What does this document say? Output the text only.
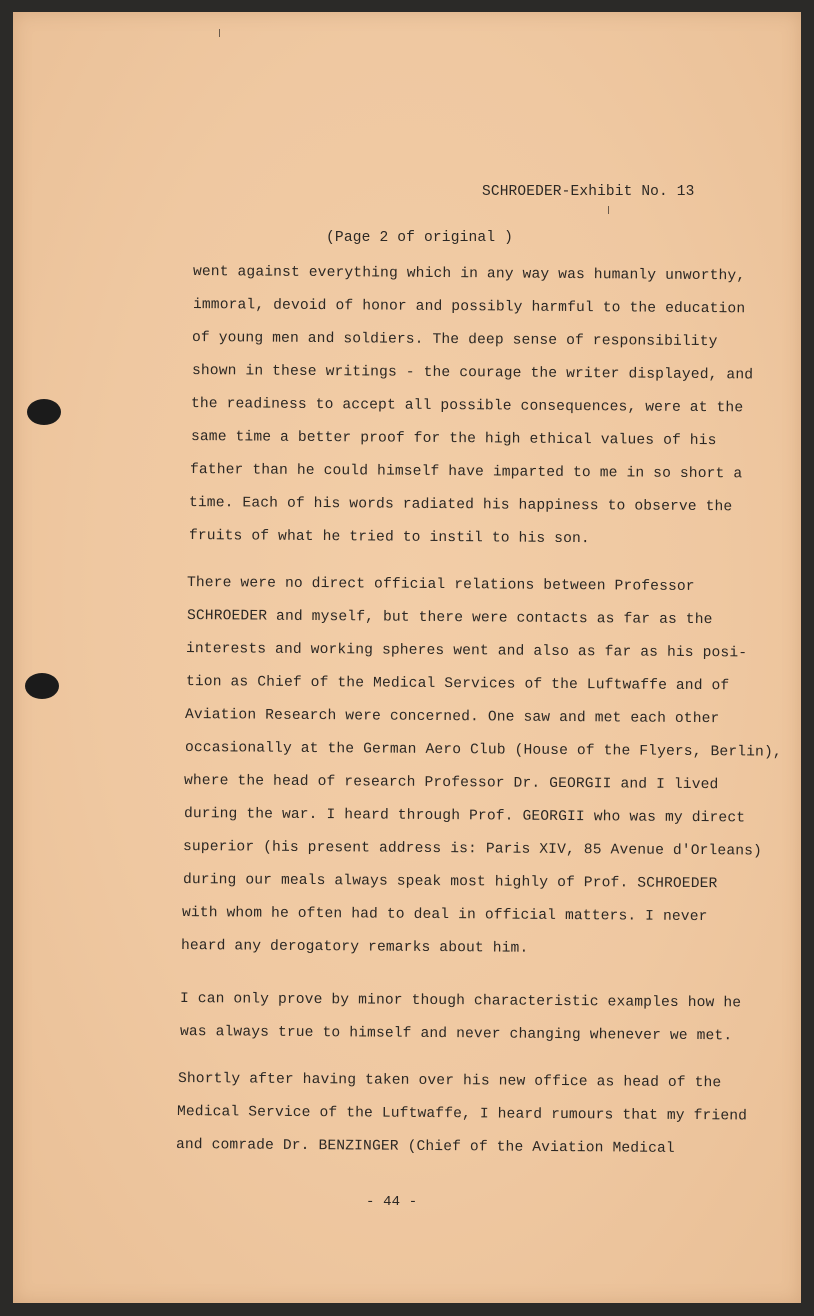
SCHROEDER-Exhibit No. 13
(Page 2 of original )
went against everything which in any way was humanly unworthy,
immoral, devoid of honor and possibly harmful to the education
of young men and soldiers. The deep sense of responsibility
shown in these writings - the courage the writer displayed, and
the readiness to accept all possible consequences, were at the
same time a better proof for the high ethical values of his
father than he could himself have imparted to me in so short a
time. Each of his words radiated his happiness to observe the
fruits of what he tried to instil to his son.
There were no direct official relations between Professor
SCHROEDER and myself, but there were contacts as far as the
interests and working spheres went and also as far as his posi-
tion as Chief of the Medical Services of the Luftwaffe and of
Aviation Research were concerned. One saw and met each other
occasionally at the German Aero Club (House of the Flyers, Berlin),
where the head of research Professor Dr. GEORGII and I lived
during the war. I heard through Prof. GEORGII who was my direct
superior (his present address is: Paris XIV, 85 Avenue d'Orleans)
during our meals always speak most highly of Prof. SCHROEDER
with whom he often had to deal in official matters. I never
heard any derogatory remarks about him.
I can only prove by minor though characteristic examples how he
was always true to himself and never changing whenever we met.
Shortly after having taken over his new office as head of the
Medical Service of the Luftwaffe, I heard rumours that my friend
and comrade Dr. BENZINGER (Chief of the Aviation Medical
- 44 -
